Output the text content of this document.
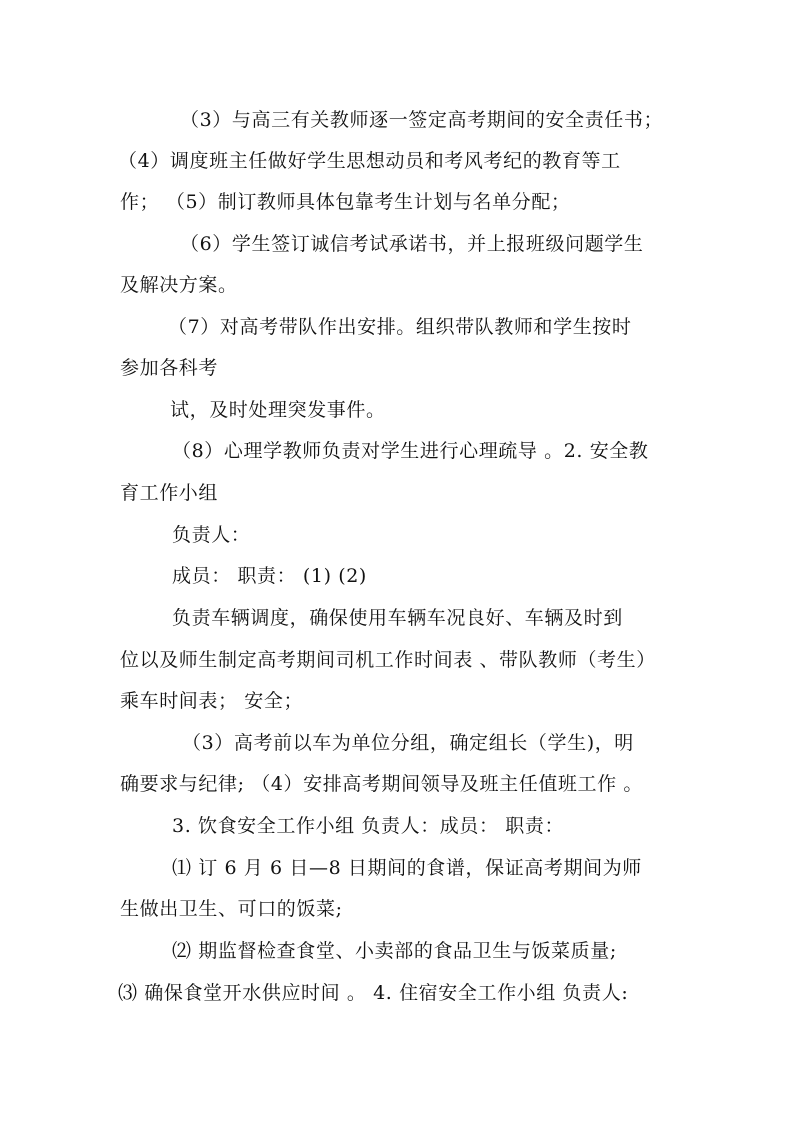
（3）与高三有关教师逐一签定高考期间的安全责任书；
（4）调度班主任做好学生思想动员和考风考纪的教育等工
作； （5）制订教师具体包靠考生计划与名单分配；
（6）学生签订诚信考试承诺书，并上报班级问题学生
及解决方案。
（7）对高考带队作出安排。组织带队教师和学生按时
参加各科考
试，及时处理突发事件。
（8）心理学教师负责对学生进行心理疏导 。2. 安全教
育工作小组
负责人：
成员： 职责： (1) (2)
负责车辆调度，确保使用车辆车况良好、车辆及时到
位以及师生制定高考期间司机工作时间表 、带队教师（考生）
乘车时间表； 安全；
（3）高考前以车为单位分组，确定组长（学生)，明
确要求与纪律; （4）安排高考期间领导及班主任值班工作 。
3. 饮食安全工作小组 负责人：成员： 职责：
⑴ 订 6 月 6 日—8 日期间的食谱，保证高考期间为师
生做出卫生、可口的饭菜;
⑵ 期监督检查食堂、小卖部的食品卫生与饭菜质量;
⑶ 确保食堂开水供应时间 。 4. 住宿安全工作小组 负责人:
